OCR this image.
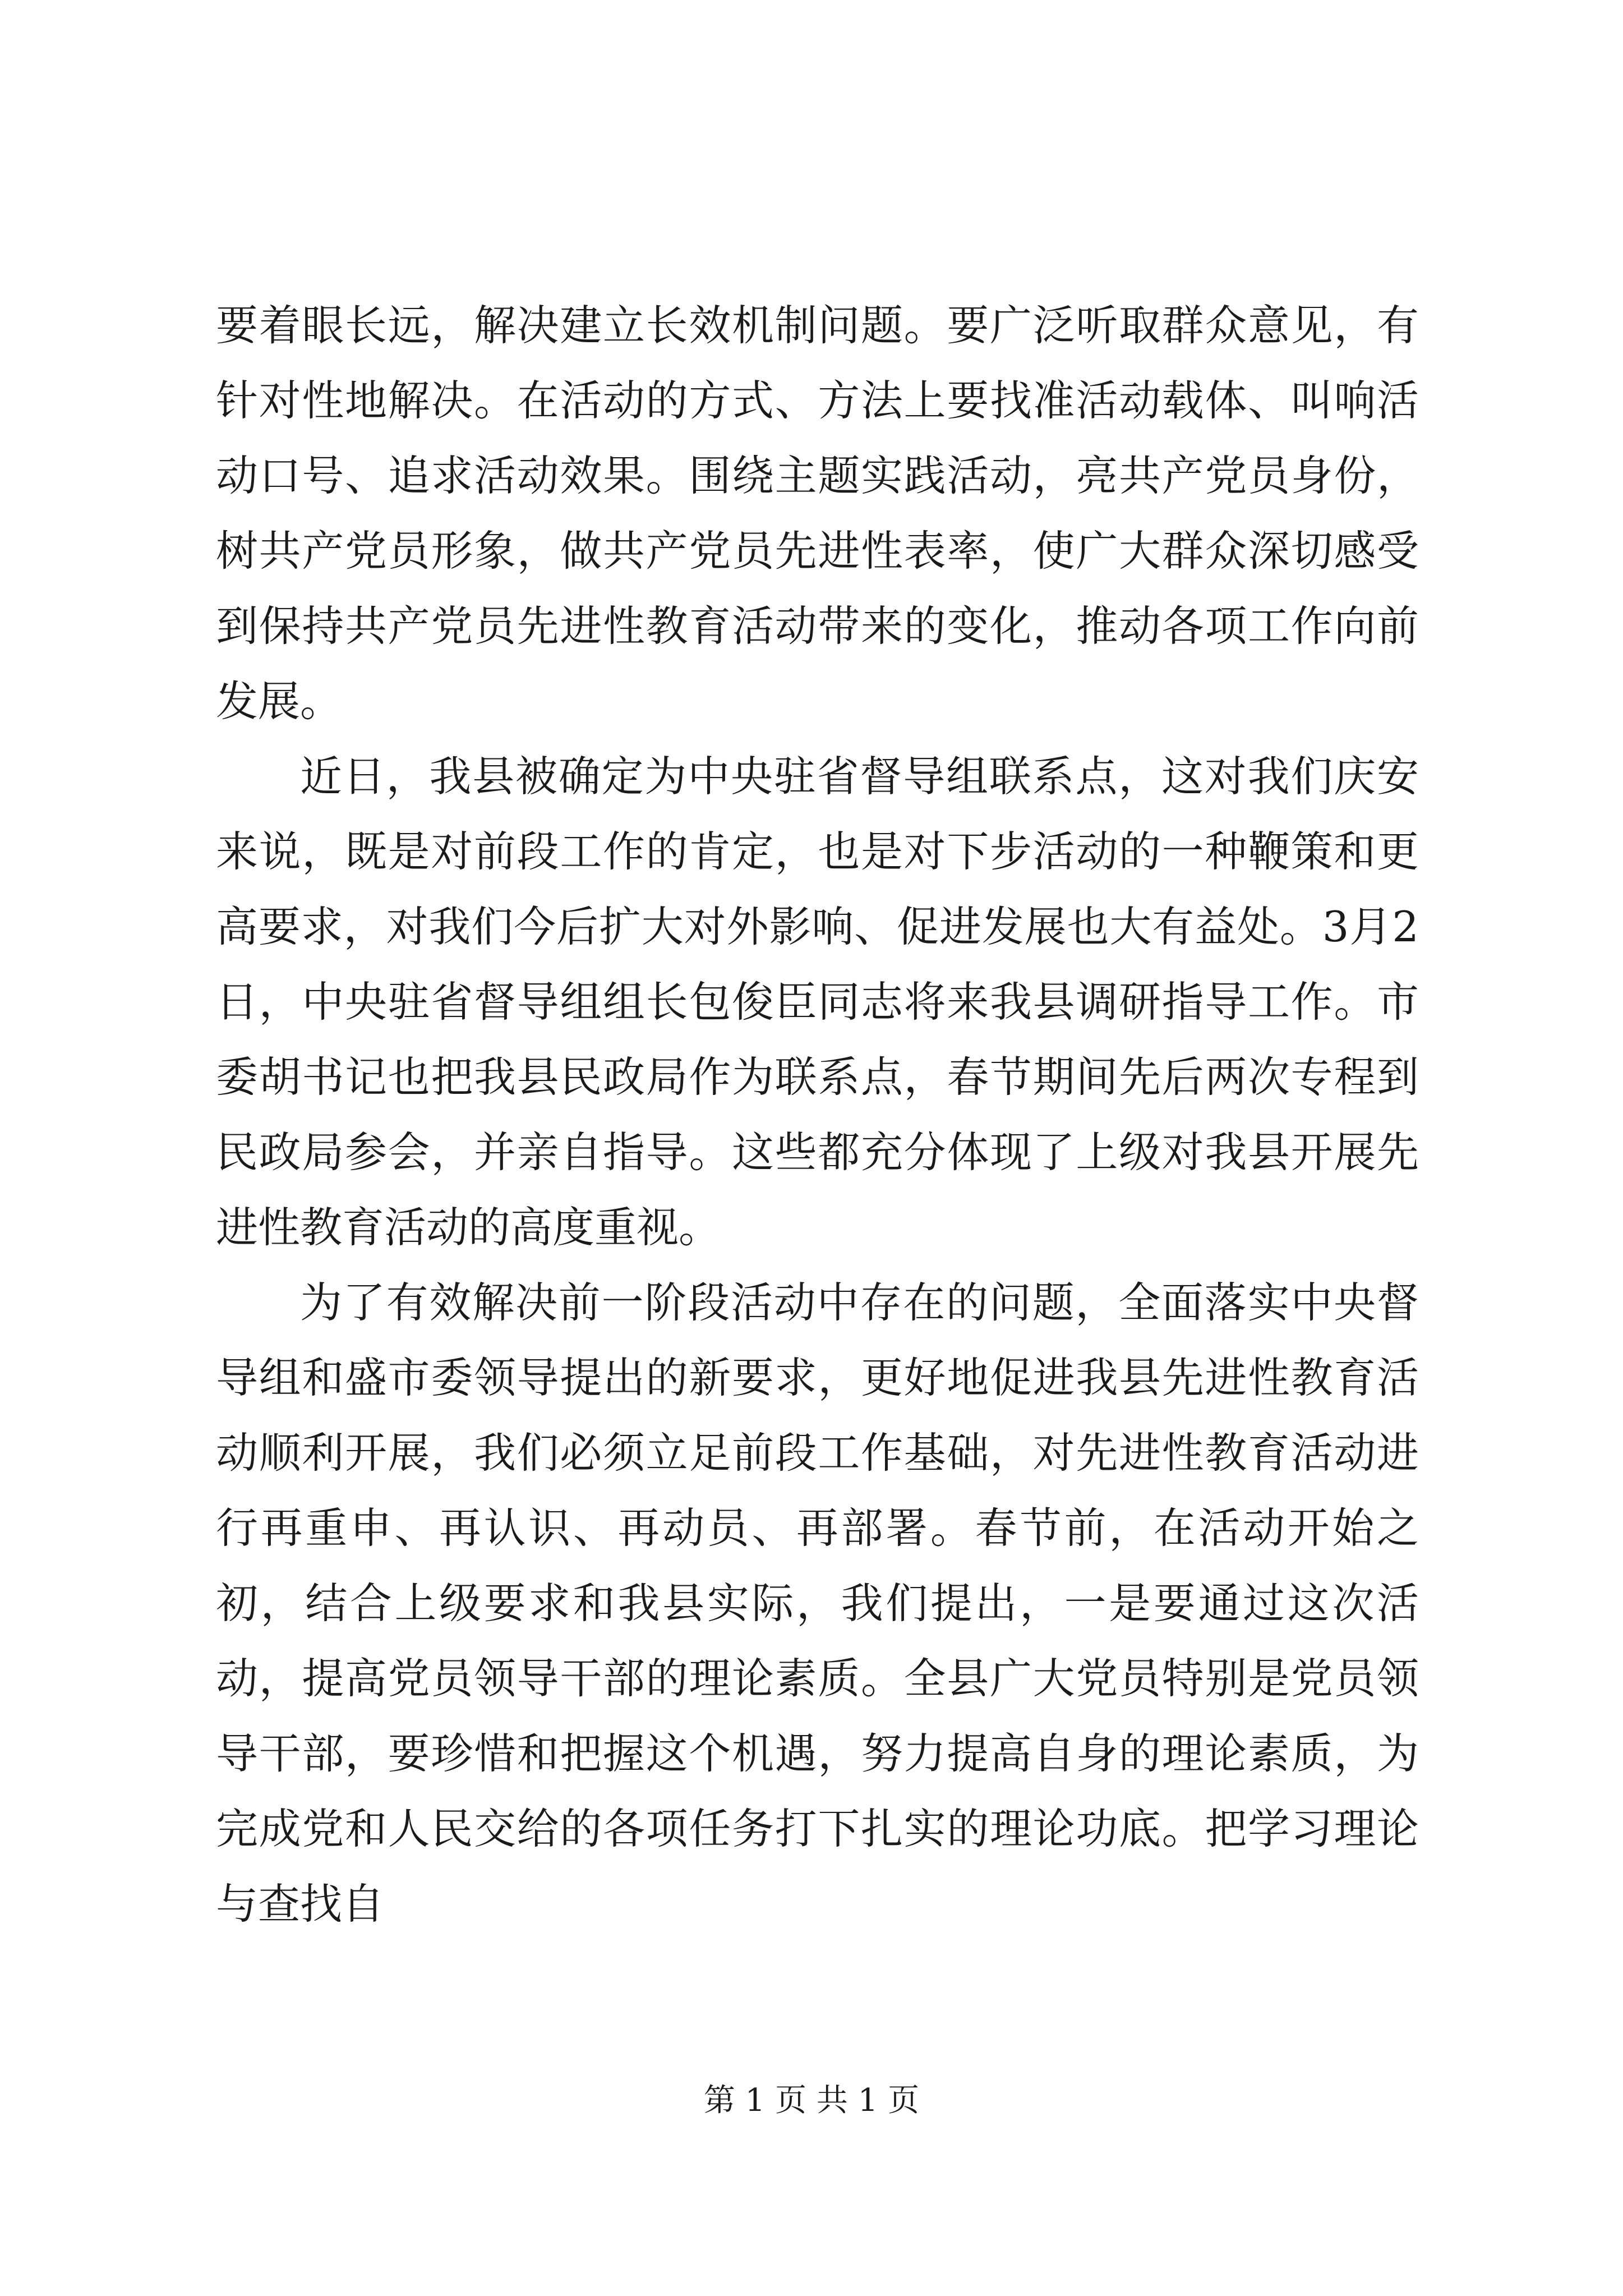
要着眼长远，解决建立长效机制问题。要广泛听取群众意见，有针对性地解决。在活动的方式、方法上要找准活动载体、叫响活动口号、追求活动效果。围绕主题实践活动，亮共产党员身份，树共产党员形象，做共产党员先进性表率，使广大群众深切感受到保持共产党员先进性教育活动带来的变化，推动各项工作向前发展。

近日，我县被确定为中央驻省督导组联系点，这对我们庆安来说，既是对前段工作的肯定，也是对下步活动的一种鞭策和更高要求，对我们今后扩大对外影响、促进发展也大有益处。3月2日，中央驻省督导组组长包俊臣同志将来我县调研指导工作。市委胡书记也把我县民政局作为联系点，春节期间先后两次专程到民政局参会，并亲自指导。这些都充分体现了上级对我县开展先进性教育活动的高度重视。

为了有效解决前一阶段活动中存在的问题，全面落实中央督导组和盛市委领导提出的新要求，更好地促进我县先进性教育活动顺利开展，我们必须立足前段工作基础，对先进性教育活动进行再重申、再认识、再动员、再部署。春节前，在活动开始之初，结合上级要求和我县实际，我们提出，一是要通过这次活动，提高党员领导干部的理论素质。全县广大党员特别是党员领导干部，要珍惜和把握这个机遇，努力提高自身的理论素质，为完成党和人民交给的各项任务打下扎实的理论功底。把学习理论与查找自

第 1 页 共 1 页
